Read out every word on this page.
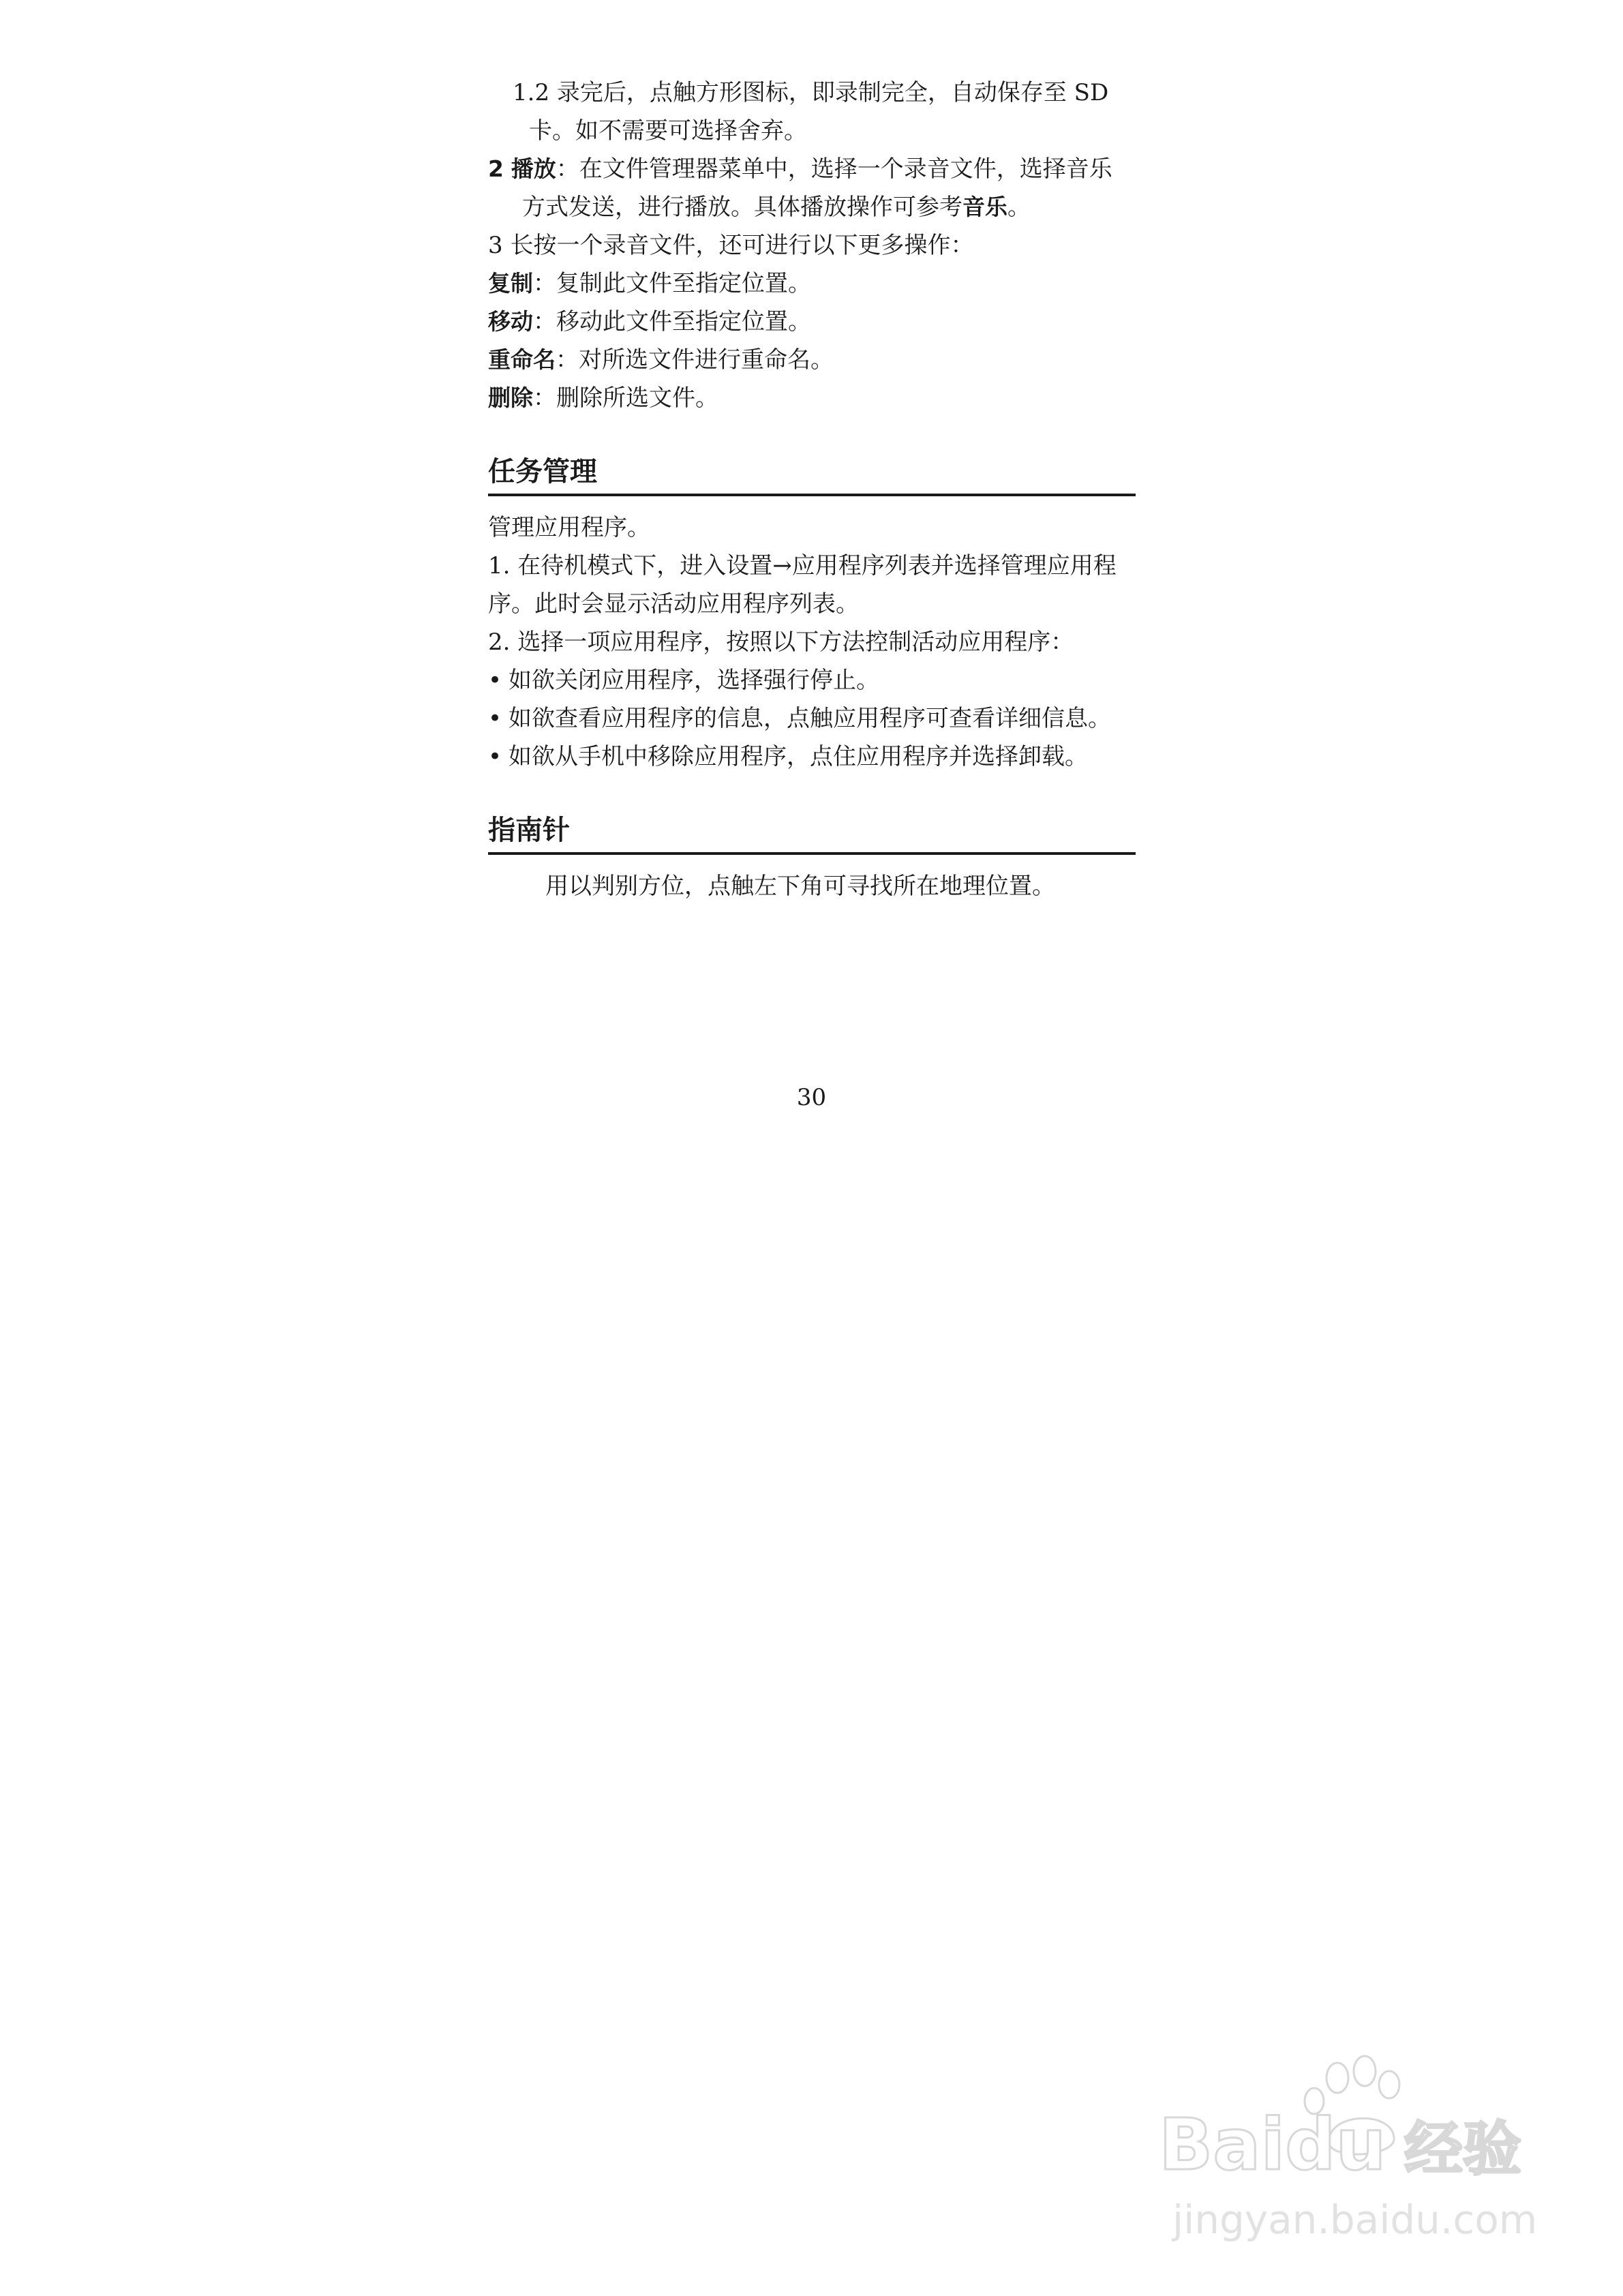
1.2 录完后，点触方形图标，即录制完全，自动保存至 SD
卡。如不需要可选择舍弃。
2 播放：在文件管理器菜单中，选择一个录音文件，选择音乐
方式发送，进行播放。具体播放操作可参考音乐。
3 长按一个录音文件，还可进行以下更多操作：
复制：复制此文件至指定位置。
移动：移动此文件至指定位置。
重命名：对所选文件进行重命名。
删除：删除所选文件。
任务管理
管理应用程序。
1. 在待机模式下，进入设置→应用程序列表并选择管理应用程
序。此时会显示活动应用程序列表。
2. 选择一项应用程序，按照以下方法控制活动应用程序：
• 如欲关闭应用程序，选择强行停止。
• 如欲查看应用程序的信息，点触应用程序可查看详细信息。
• 如欲从手机中移除应用程序，点住应用程序并选择卸载。
指南针
用以判别方位，点触左下角可寻找所在地理位置。
30
Baidu 经验
jingyan.baidu.com
